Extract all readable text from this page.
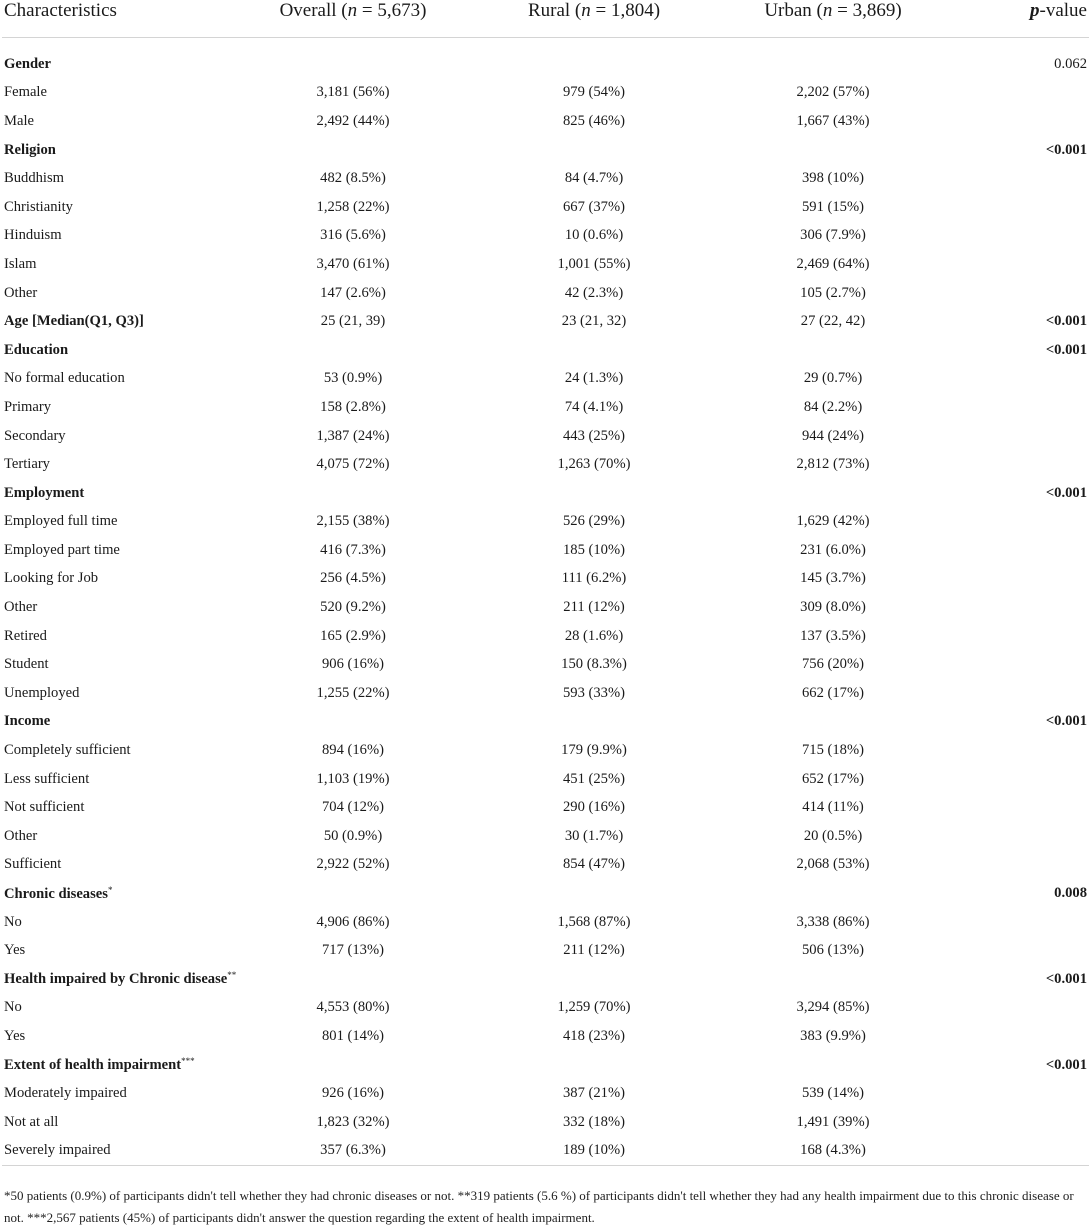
Characteristics	Overall (n = 5,673)	Rural (n = 1,804)	Urban (n = 3,869)	p-value

Gender				0.062
Female	3,181 (56%)	979 (54%)	2,202 (57%)	
Male	2,492 (44%)	825 (46%)	1,667 (43%)	
Religion				<0.001
Buddhism	482 (8.5%)	84 (4.7%)	398 (10%)	
Christianity	1,258 (22%)	667 (37%)	591 (15%)	
Hinduism	316 (5.6%)	10 (0.6%)	306 (7.9%)	
Islam	3,470 (61%)	1,001 (55%)	2,469 (64%)	
Other	147 (2.6%)	42 (2.3%)	105 (2.7%)	
Age [Median(Q1, Q3)]	25 (21, 39)	23 (21, 32)	27 (22, 42)	<0.001
Education				<0.001
No formal education	53 (0.9%)	24 (1.3%)	29 (0.7%)	
Primary	158 (2.8%)	74 (4.1%)	84 (2.2%)	
Secondary	1,387 (24%)	443 (25%)	944 (24%)	
Tertiary	4,075 (72%)	1,263 (70%)	2,812 (73%)	
Employment				<0.001
Employed full time	2,155 (38%)	526 (29%)	1,629 (42%)	
Employed part time	416 (7.3%)	185 (10%)	231 (6.0%)	
Looking for Job	256 (4.5%)	111 (6.2%)	145 (3.7%)	
Other	520 (9.2%)	211 (12%)	309 (8.0%)	
Retired	165 (2.9%)	28 (1.6%)	137 (3.5%)	
Student	906 (16%)	150 (8.3%)	756 (20%)	
Unemployed	1,255 (22%)	593 (33%)	662 (17%)	
Income				<0.001
Completely sufficient	894 (16%)	179 (9.9%)	715 (18%)	
Less sufficient	1,103 (19%)	451 (25%)	652 (17%)	
Not sufficient	704 (12%)	290 (16%)	414 (11%)	
Other	50 (0.9%)	30 (1.7%)	20 (0.5%)	
Sufficient	2,922 (52%)	854 (47%)	2,068 (53%)	
Chronic diseases*				0.008
No	4,906 (86%)	1,568 (87%)	3,338 (86%)	
Yes	717 (13%)	211 (12%)	506 (13%)	
Health impaired by Chronic disease**				<0.001
No	4,553 (80%)	1,259 (70%)	3,294 (85%)	
Yes	801 (14%)	418 (23%)	383 (9.9%)	
Extent of health impairment***				<0.001
Moderately impaired	926 (16%)	387 (21%)	539 (14%)	
Not at all	1,823 (32%)	332 (18%)	1,491 (39%)	
Severely impaired	357 (6.3%)	189 (10%)	168 (4.3%)	
*50 patients (0.9%) of participants didn't tell whether they had chronic diseases or not. **319 patients (5.6 %) of participants didn't tell whether they had any health impairment due to this chronic disease or not. ***2,567 patients (45%) of participants didn't answer the question regarding the extent of health impairment.
